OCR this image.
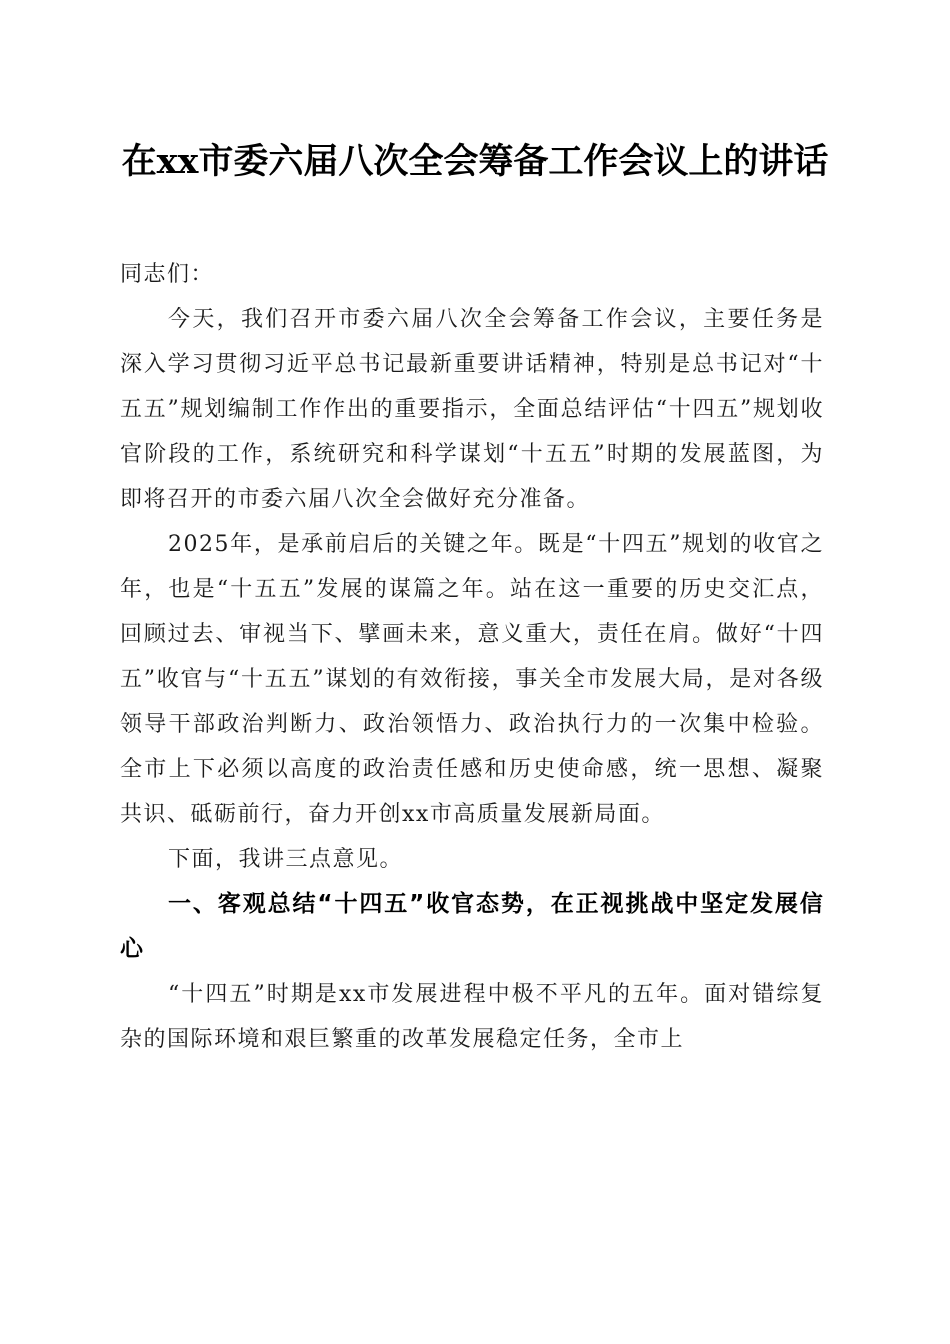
在xx市委六届八次全会筹备工作会议上的讲话

同志们：

今天，我们召开市委六届八次全会筹备工作会议，主要任务是深入学习贯彻习近平总书记最新重要讲话精神，特别是总书记对“十五五”规划编制工作作出的重要指示，全面总结评估“十四五”规划收官阶段的工作，系统研究和科学谋划“十五五”时期的发展蓝图，为即将召开的市委六届八次全会做好充分准备。

2025年，是承前启后的关键之年。既是“十四五”规划的收官之年，也是“十五五”发展的谋篇之年。站在这一重要的历史交汇点，回顾过去、审视当下、擘画未来，意义重大，责任在肩。做好“十四五”收官与“十五五”谋划的有效衔接，事关全市发展大局，是对各级领导干部政治判断力、政治领悟力、政治执行力的一次集中检验。全市上下必须以高度的政治责任感和历史使命感，统一思想、凝聚共识、砥砺前行，奋力开创xx市高质量发展新局面。

下面，我讲三点意见。

一、客观总结“十四五”收官态势，在正视挑战中坚定发展信心

“十四五”时期是xx市发展进程中极不平凡的五年。面对错综复杂的国际环境和艰巨繁重的改革发展稳定任务，全市上
